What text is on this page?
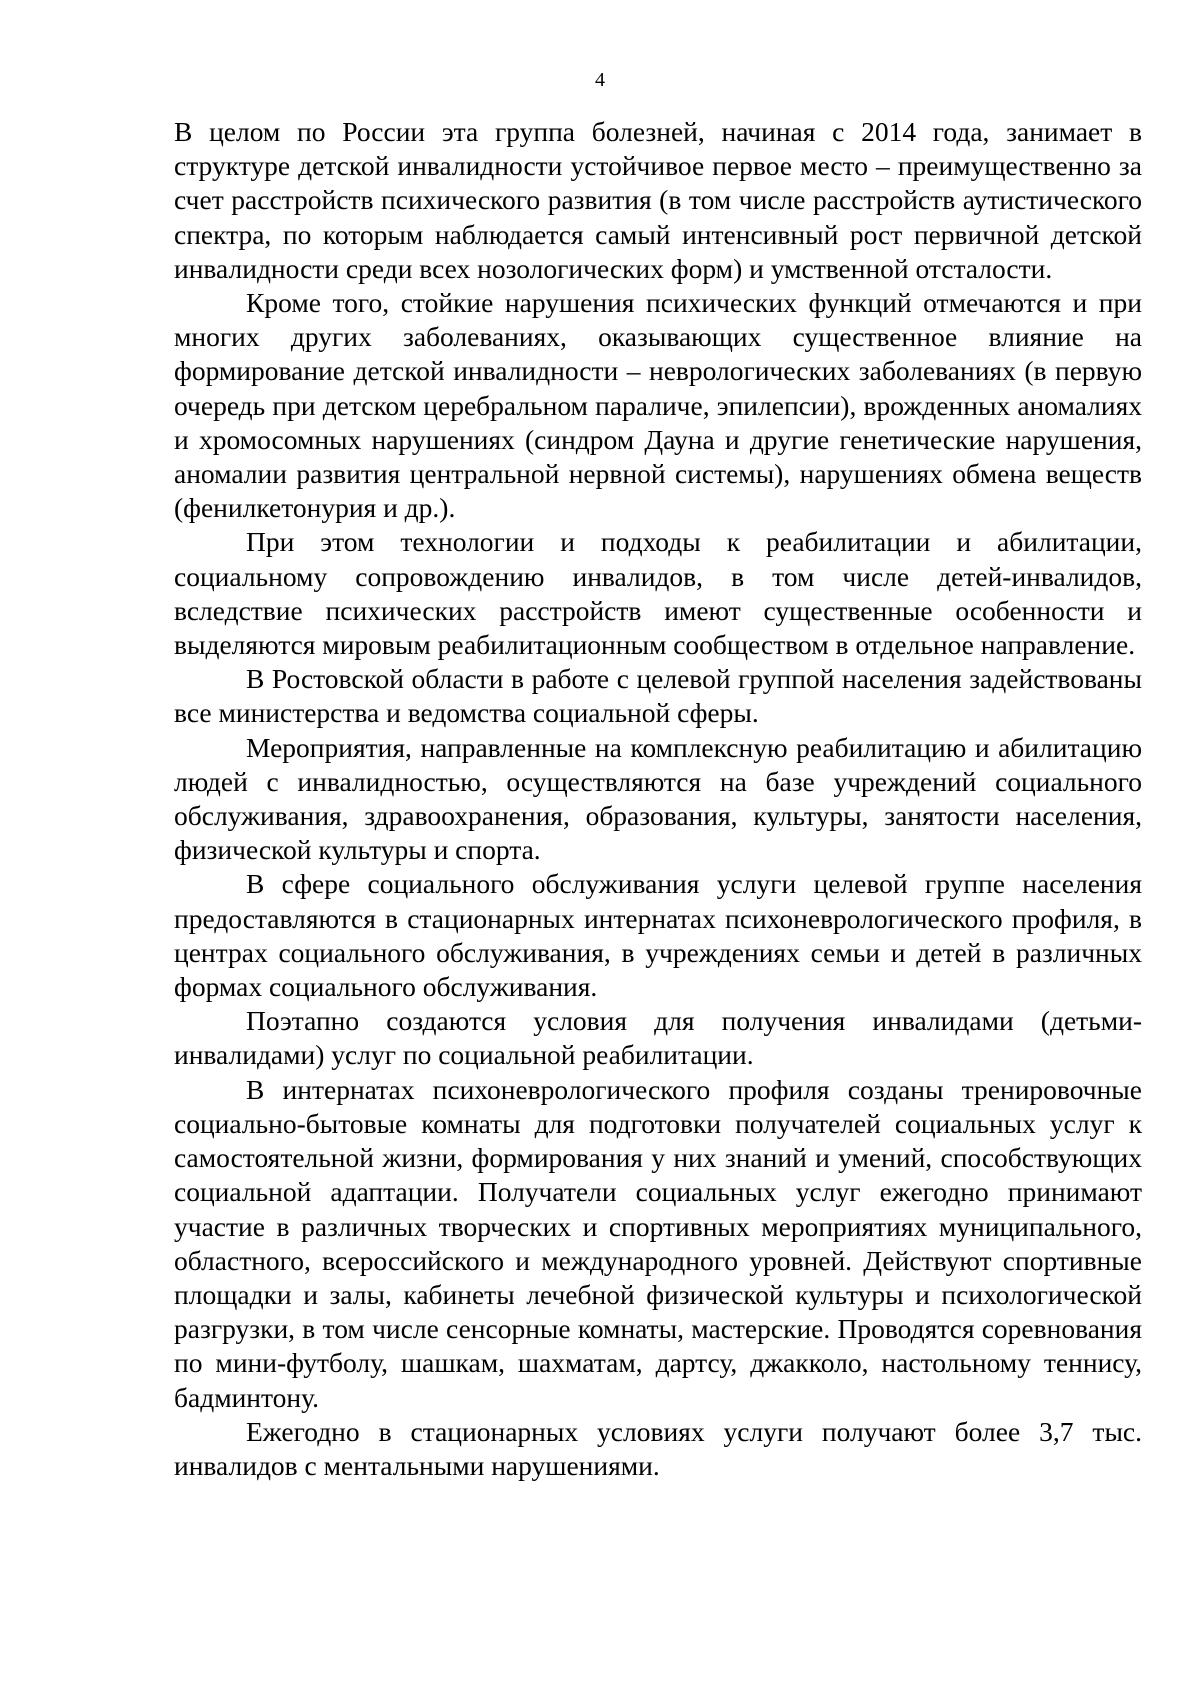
4

В целом по России эта группа болезней, начиная с 2014 года, занимает в структуре детской инвалидности устойчивое первое место – преимущественно за счет расстройств психического развития (в том числе расстройств аутистического спектра, по которым наблюдается самый интенсивный рост первичной детской инвалидности среди всех нозологических форм) и умственной отсталости.

Кроме того, стойкие нарушения психических функций отмечаются и при многих других заболеваниях, оказывающих существенное влияние на формирование детской инвалидности – неврологических заболеваниях (в первую очередь при детском церебральном параличе, эпилепсии), врожденных аномалиях и хромосомных нарушениях (синдром Дауна и другие генетические нарушения, аномалии развития центральной нервной системы), нарушениях обмена веществ (фенилкетонурия и др.).

При этом технологии и подходы к реабилитации и абилитации, социальному сопровождению инвалидов, в том числе детей-инвалидов, вследствие психических расстройств имеют существенные особенности и выделяются мировым реабилитационным сообществом в отдельное направление.

В Ростовской области в работе с целевой группой населения задействованы все министерства и ведомства социальной сферы.

Мероприятия, направленные на комплексную реабилитацию и абилитацию людей с инвалидностью, осуществляются на базе учреждений социального обслуживания, здравоохранения, образования, культуры, занятости населения, физической культуры и спорта.

В сфере социального обслуживания услуги целевой группе населения предоставляются в стационарных интернатах психоневрологического профиля, в центрах социального обслуживания, в учреждениях семьи и детей в различных формах социального обслуживания.

Поэтапно создаются условия для получения инвалидами (детьми-инвалидами) услуг по социальной реабилитации.

В интернатах психоневрологического профиля созданы тренировочные социально-бытовые комнаты для подготовки получателей социальных услуг к самостоятельной жизни, формирования у них знаний и умений, способствующих социальной адаптации. Получатели социальных услуг ежегодно принимают участие в различных творческих и спортивных мероприятиях муниципального, областного, всероссийского и международного уровней. Действуют спортивные площадки и залы, кабинеты лечебной физической культуры и психологической разгрузки, в том числе сенсорные комнаты, мастерские. Проводятся соревнования по мини-футболу, шашкам, шахматам, дартсу, джакколо, настольному теннису, бадминтону.

Ежегодно в стационарных условиях услуги получают более 3,7 тыс. инвалидов с ментальными нарушениями.
